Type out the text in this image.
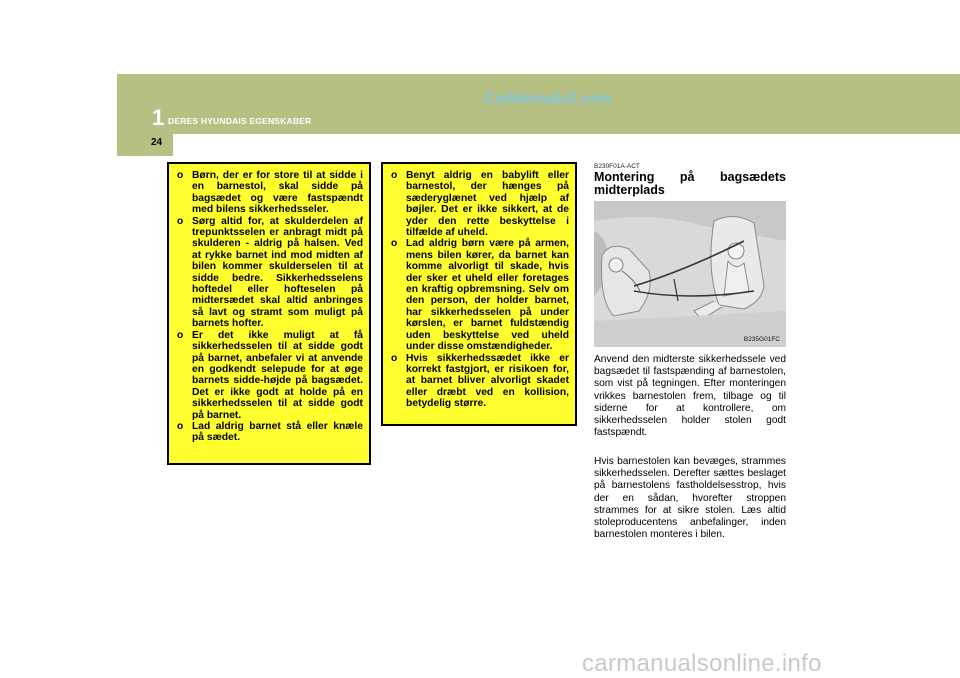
1 DERES HYUNDAIS EGENSKABER
CarManuals2.com
24
o Børn, der er for store til at sidde i en barnestol, skal sidde på bagsædet og være fastspændt med bilens sikkerhedsseler.
o Sørg altid for, at skulderdelen af trepunktsselen er anbragt midt på skulderen - aldrig på halsen. Ved at rykke barnet ind mod midten af bilen kommer skulderselen til at sidde bedre. Sikkerhedsselens hoftedel eller hofteselen på midtersædet skal altid anbringes så lavt og stramt som muligt på barnets hofter.
o Er det ikke muligt at få sikkerhedsselen til at sidde godt på barnet, anbefaler vi at anvende en godkendt selepude for at øge barnets sidde-højde på bagsædet. Det er ikke godt at holde på en sikkerhedsselen til at sidde godt på barnet.
o Lad aldrig barnet stå eller knæle på sædet.
o Benyt aldrig en babylift eller barnestol, der hænges på sæderyglænet ved hjælp af bøjler. Det er ikke sikkert, at de yder den rette beskyttelse i tilfælde af uheld.
o Lad aldrig børn være på armen, mens bilen kører, da barnet kan komme alvorligt til skade, hvis der sker et uheld eller foretages en kraftig opbremsning. Selv om den person, der holder barnet, har sikkerhedsselen på under kørslen, er barnet fuldstændig uden beskyttelse ved uheld under disse omstændigheder.
o Hvis sikkerhedssædet ikke er korrekt fastgjort, er risikoen for, at barnet bliver alvorligt skadet eller dræbt ved en kollision, betydelig større.
B230F01A-ACT
Montering på bagsædets
midterplads
B235G01FC
Anvend den midterste sikkerhedssele ved bagsædet til fastspænding af barnestolen, som vist på tegningen. Efter monteringen vrikkes barnestolen frem, tilbage og til siderne for at kontrollere, om sikkerhedsselen holder stolen godt fastspændt.
Hvis barnestolen kan bevæges, strammes sikkerhedsselen. Derefter sættes beslaget på barnestolens fastholdelsesstrop, hvis der en sådan, hvorefter stroppen strammes for at sikre stolen. Læs altid stoleproducentens anbefalinger, inden barnestolen monteres i bilen.
carmanualsonline.info
